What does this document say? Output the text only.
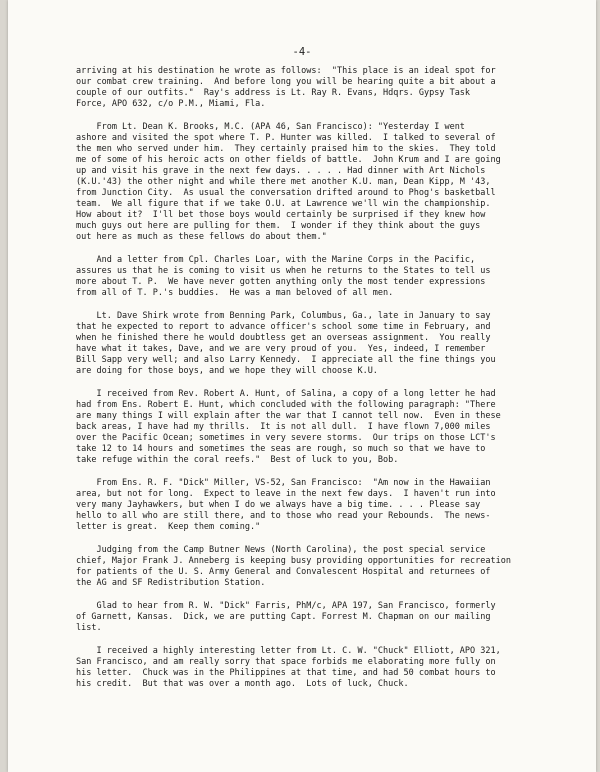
-4-
arriving at his destination he wrote as follows:  "This place is an ideal spot for
our combat crew training.  And before long you will be hearing quite a bit about a
couple of our outfits."  Ray's address is Lt. Ray R. Evans, Hdqrs. Gypsy Task
Force, APO 632, c/o P.M., Miami, Fla.
From Lt. Dean K. Brooks, M.C. (APA 46, San Francisco): "Yesterday I went
ashore and visited the spot where T. P. Hunter was killed.  I talked to several of
the men who served under him.  They certainly praised him to the skies.  They told
me of some of his heroic acts on other fields of battle.  John Krum and I are going
up and visit his grave in the next few days. . . . . Had dinner with Art Nichols
(K.U.'43) the other night and while there met another K.U. man, Dean Kipp, M '43,
from Junction City.  As usual the conversation drifted around to Phog's basketball
team.  We all figure that if we take O.U. at Lawrence we'll win the championship.
How about it?  I'll bet those boys would certainly be surprised if they knew how
much guys out here are pulling for them.  I wonder if they think about the guys
out here as much as these fellows do about them."
And a letter from Cpl. Charles Loar, with the Marine Corps in the Pacific,
assures us that he is coming to visit us when he returns to the States to tell us
more about T. P.  We have never gotten anything only the most tender expressions
from all of T. P.'s buddies.  He was a man beloved of all men.
Lt. Dave Shirk wrote from Benning Park, Columbus, Ga., late in January to say
that he expected to report to advance officer's school some time in February, and
when he finished there he would doubtless get an overseas assignment.  You really
have what it takes, Dave, and we are very proud of you.  Yes, indeed, I remember
Bill Sapp very well; and also Larry Kennedy.  I appreciate all the fine things you
are doing for those boys, and we hope they will choose K.U.
I received from Rev. Robert A. Hunt, of Salina, a copy of a long letter he had
had from Ens. Robert E. Hunt, which concluded with the following paragraph: "There
are many things I will explain after the war that I cannot tell now.  Even in these
back areas, I have had my thrills.  It is not all dull.  I have flown 7,000 miles
over the Pacific Ocean; sometimes in very severe storms.  Our trips on those LCT's
take 12 to 14 hours and sometimes the seas are rough, so much so that we have to
take refuge within the coral reefs."  Best of luck to you, Bob.
From Ens. R. F. "Dick" Miller, VS-52, San Francisco:  "Am now in the Hawaiian
area, but not for long.  Expect to leave in the next few days.  I haven't run into
very many Jayhawkers, but when I do we always have a big time. . . . Please say
hello to all who are still there, and to those who read your Rebounds.  The news-
letter is great.  Keep them coming."
Judging from the Camp Butner News (North Carolina), the post special service
chief, Major Frank J. Anneberg is keeping busy providing opportunities for recreation
for patients of the U. S. Army General and Convalescent Hospital and returnees of
the AG and SF Redistribution Station.
Glad to hear from R. W. "Dick" Farris, PhM/c, APA 197, San Francisco, formerly
of Garnett, Kansas.  Dick, we are putting Capt. Forrest M. Chapman on our mailing
list.
I received a highly interesting letter from Lt. C. W. "Chuck" Elliott, APO 321,
San Francisco, and am really sorry that space forbids me elaborating more fully on
his letter.  Chuck was in the Philippines at that time, and had 50 combat hours to
his credit.  But that was over a month ago.  Lots of luck, Chuck.
